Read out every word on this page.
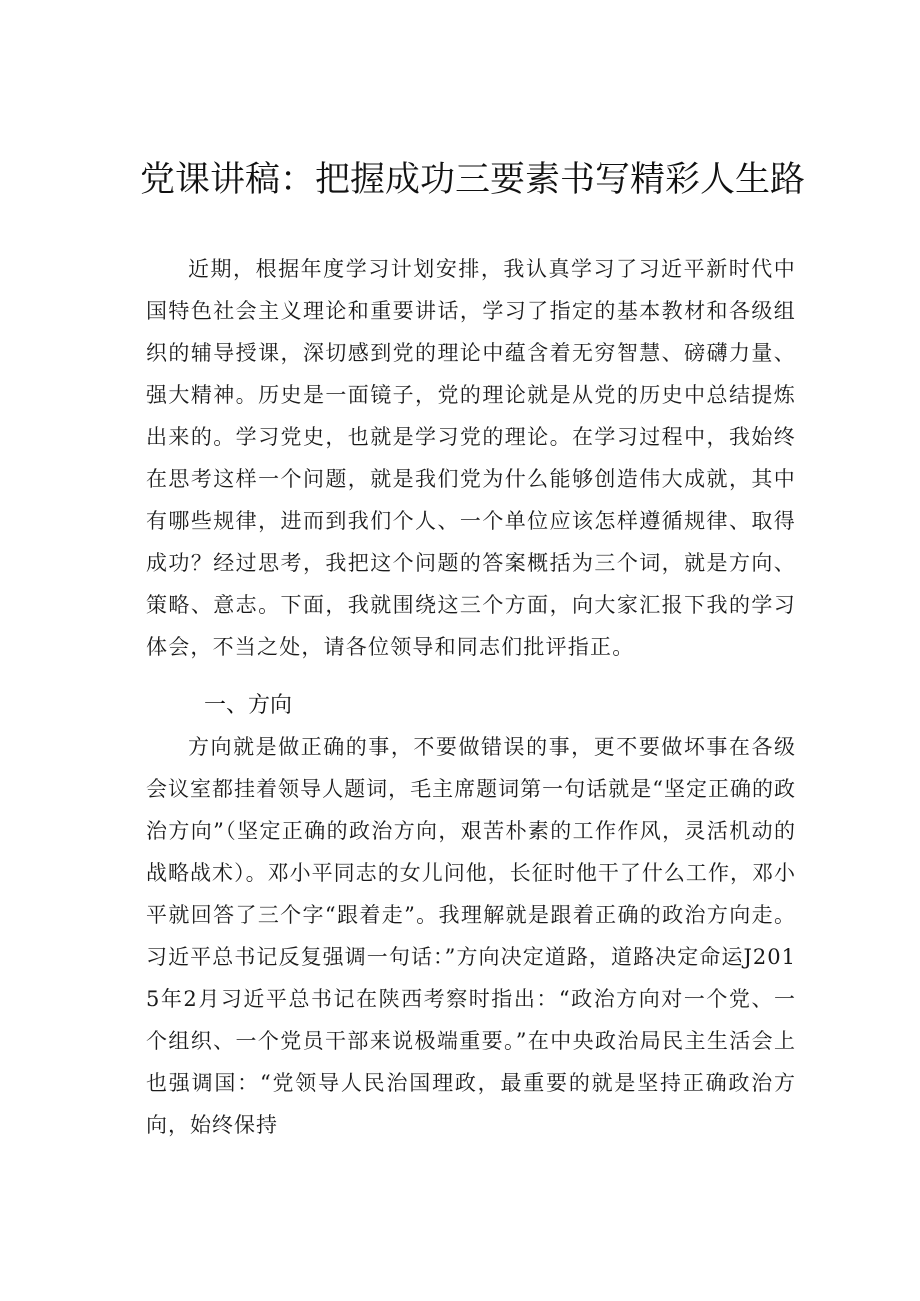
党课讲稿：把握成功三要素书写精彩人生路

近期，根据年度学习计划安排，我认真学习了习近平新时代中国特色社会主义理论和重要讲话，学习了指定的基本教材和各级组织的辅导授课，深切感到党的理论中蕴含着无穷智慧、磅礴力量、强大精神。历史是一面镜子，党的理论就是从党的历史中总结提炼出来的。学习党史，也就是学习党的理论。在学习过程中，我始终在思考这样一个问题，就是我们党为什么能够创造伟大成就，其中有哪些规律，进而到我们个人、一个单位应该怎样遵循规律、取得成功？经过思考，我把这个问题的答案概括为三个词，就是方向、策略、意志。下面，我就围绕这三个方面，向大家汇报下我的学习体会，不当之处，请各位领导和同志们批评指正。

一、方向

方向就是做正确的事，不要做错误的事，更不要做坏事在各级会议室都挂着领导人题词，毛主席题词第一句话就是“坚定正确的政治方向”（坚定正确的政治方向，艰苦朴素的工作作风，灵活机动的战略战术）。邓小平同志的女儿问他，长征时他干了什么工作，邓小平就回答了三个字“跟着走”。我理解就是跟着正确的政治方向走。习近平总书记反复强调一句话：”方向决定道路，道路决定命运J2015年2月习近平总书记在陕西考察时指出：“政治方向对一个党、一个组织、一个党员干部来说极端重要。”在中央政治局民主生活会上也强调国：“党领导人民治国理政，最重要的就是坚持正确政治方向，始终保持
